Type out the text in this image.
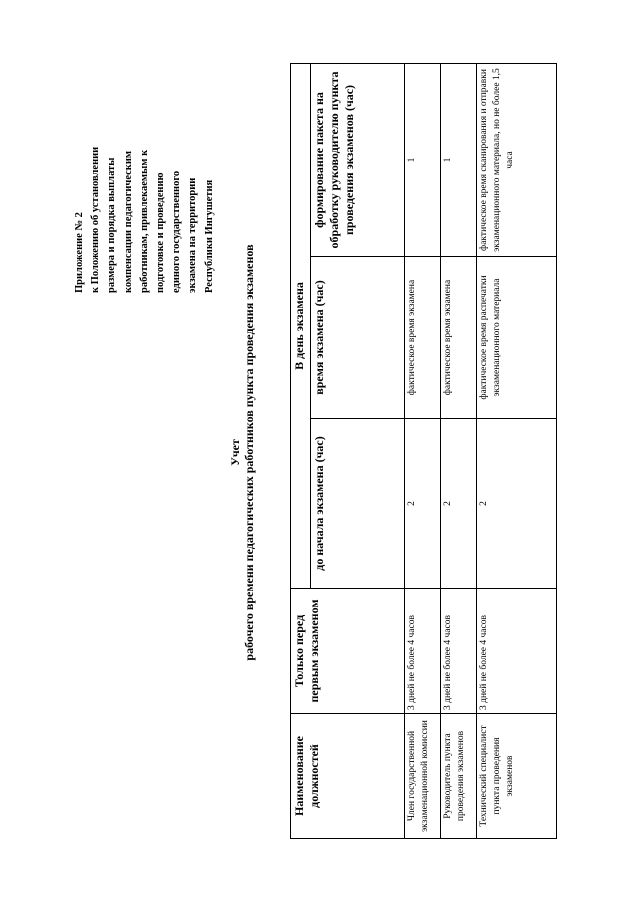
Приложение № 2 к Положению об установлении размера и порядка выплаты компенсации педагогическим работникам, привлекаемым к подготовке и проведению единого государственного экзамена на территории Республики Ингушетия
Учет рабочего времени педагогических работников пункта проведения экзаменов
Наименование должностей	Только перед первым экзаменом	В день экзамена		
		до начала экзамена (час)	время экзамена (час)	формирование пакета на обработку руководителю пункта проведения экзаменов (час)
Член государственной экзаменационной комиссии	3 дней не более 4 часов	2	фактическое время экзамена	1
Руководитель пункта проведения экзаменов	3 дней не более 4 часов	2	фактическое время экзамена	1
Технический специалист пункта проведения экзаменов	3 дней не более 4 часов	2	фактическое время распечатки экзаменационного материала	фактическое время сканирования и отправки экзаменационного материала, но не более 1,5 часа
